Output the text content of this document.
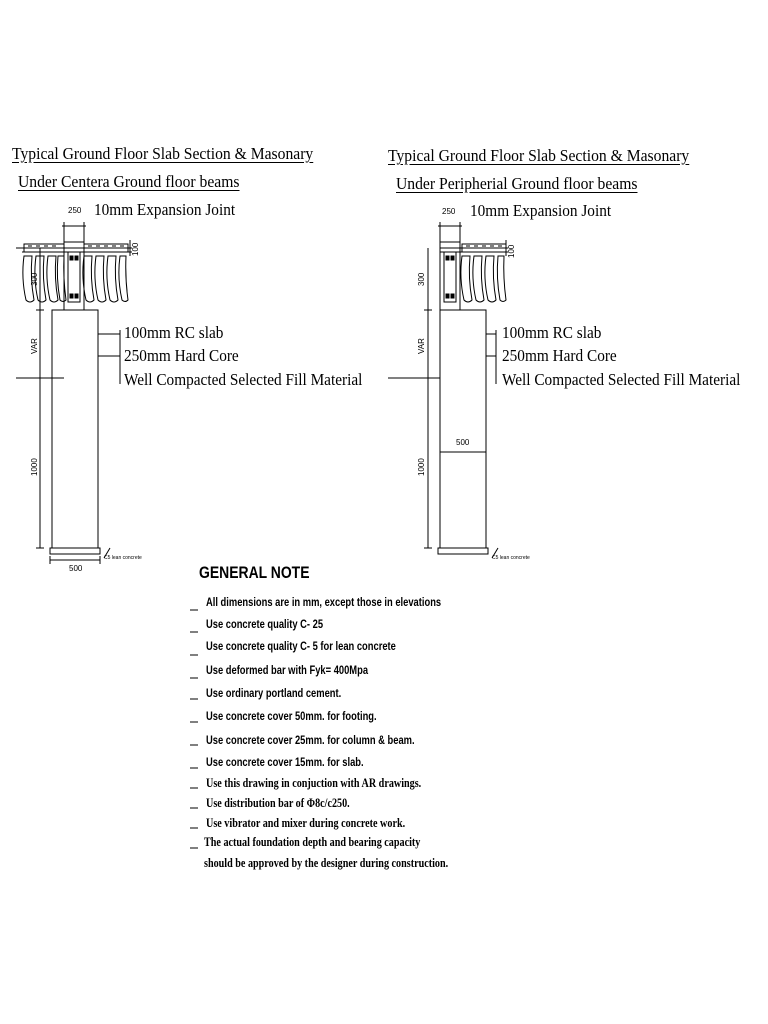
Typical Ground Floor Slab Section & Masonary
Under Centera Ground floor beams
10mm Expansion Joint
250
100
300
VAR
1000
500
C5 lean concrete
100mm RC slab
250mm Hard Core
Well Compacted Selected Fill Material
Typical Ground Floor Slab Section & Masonary
Under Peripherial Ground floor beams
10mm Expansion Joint
250
100
300
VAR
1000
500
C5 lean concrete
100mm RC slab
250mm Hard Core
Well Compacted Selected Fill Material
GENERAL NOTE
All dimensions are in mm, except those in elevations
Use concrete quality C- 25
Use concrete quality C- 5 for lean concrete
Use deformed bar with Fyk= 400Mpa
Use ordinary portland cement.
Use concrete cover 50mm. for footing.
Use concrete cover 25mm. for column & beam.
Use concrete cover 15mm. for slab.
Use this drawing in conjuction with AR drawings.
Use distribution bar of Φ8c/c250.
Use vibrator and mixer during concrete work.
The actual foundation depth and bearing capacity
should be approved by the designer during construction.
